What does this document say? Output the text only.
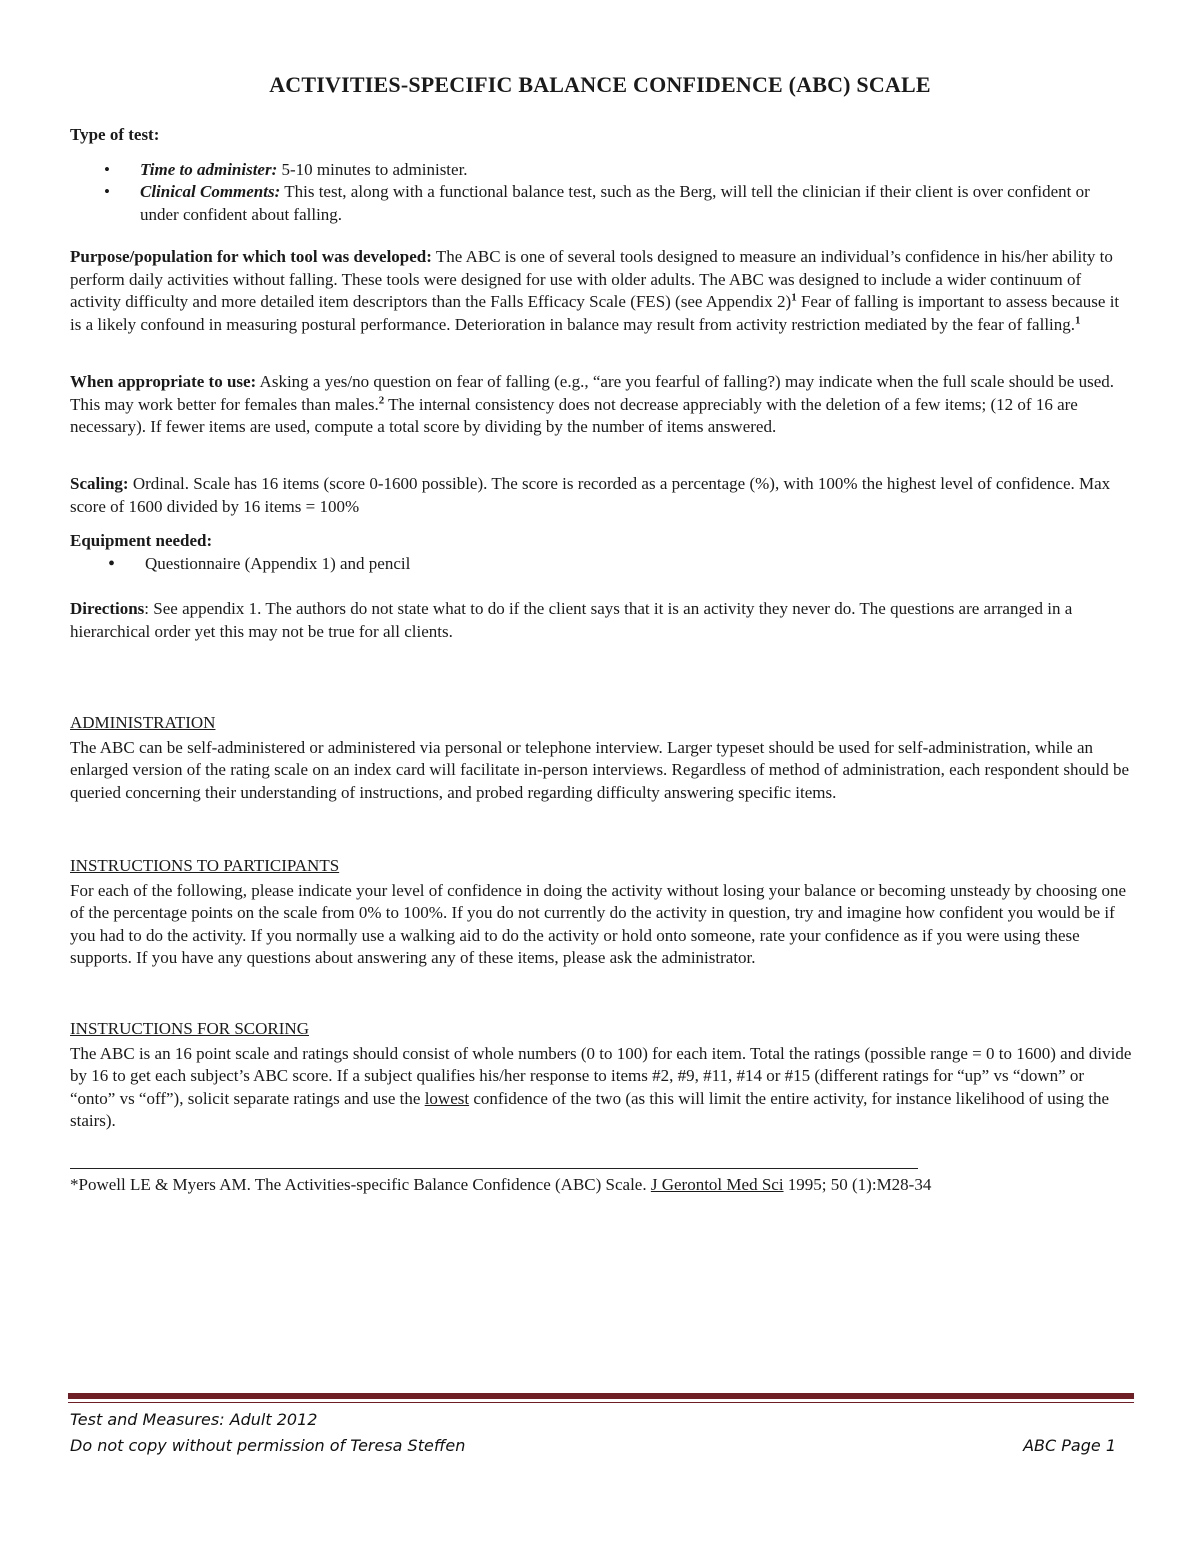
ACTIVITIES-SPECIFIC BALANCE CONFIDENCE (ABC) SCALE

Type of test:

• Time to administer: 5-10 minutes to administer.
• Clinical Comments: This test, along with a functional balance test, such as the Berg, will tell the clinician if their client is over confident or under confident about falling.

Purpose/population for which tool was developed: The ABC is one of several tools designed to measure an individual’s confidence in his/her ability to perform daily activities without falling. These tools were designed for use with older adults. The ABC was designed to include a wider continuum of activity difficulty and more detailed item descriptors than the Falls Efficacy Scale (FES) (see Appendix 2)$^1$ Fear of falling is important to assess because it is a likely confound in measuring postural performance. Deterioration in balance may result from activity restriction mediated by the fear of falling.$^1$

When appropriate to use: Asking a yes/no question on fear of falling (e.g., “are you fearful of falling?) may indicate when the full scale should be used. This may work better for females than males.$^2$ The internal consistency does not decrease appreciably with the deletion of a few items; (12 of 16 are necessary). If fewer items are used, compute a total score by dividing by the number of items answered.

Scaling: Ordinal. Scale has 16 items (score 0-1600 possible). The score is recorded as a percentage (%), with 100% the highest level of confidence. Max score of 1600 divided by 16 items = 100%

Equipment needed:

• Questionnaire (Appendix 1) and pencil

Directions: See appendix 1. The authors do not state what to do if the client says that it is an activity they never do. The questions are arranged in a hierarchical order yet this may not be true for all clients.

ADMINISTRATION

The ABC can be self-administered or administered via personal or telephone interview. Larger typeset should be used for self-administration, while an enlarged version of the rating scale on an index card will facilitate in-person interviews. Regardless of method of administration, each respondent should be queried concerning their understanding of instructions, and probed regarding difficulty answering specific items.

INSTRUCTIONS TO PARTICIPANTS

For each of the following, please indicate your level of confidence in doing the activity without losing your balance or becoming unsteady by choosing one of the percentage points on the scale from 0% to 100%. If you do not currently do the activity in question, try and imagine how confident you would be if you had to do the activity. If you normally use a walking aid to do the activity or hold onto someone, rate your confidence as if you were using these supports. If you have any questions about answering any of these items, please ask the administrator.

INSTRUCTIONS FOR SCORING

The ABC is an 16 point scale and ratings should consist of whole numbers (0 to 100) for each item. Total the ratings (possible range = 0 to 1600) and divide by 16 to get each subject’s ABC score. If a subject qualifies his/her response to items #2, #9, #11, #14 or #15 (different ratings for “up” vs “down” or “onto” vs “off”), solicit separate ratings and use the lowest confidence of the two (as this will limit the entire activity, for instance likelihood of using the stairs).

*Powell LE & Myers AM. The Activities-specific Balance Confidence (ABC) Scale. J Gerontol Med Sci 1995; 50 (1):M28-34

Test and Measures: Adult 2012
Do not copy without permission of Teresa Steffen	ABC Page 1
